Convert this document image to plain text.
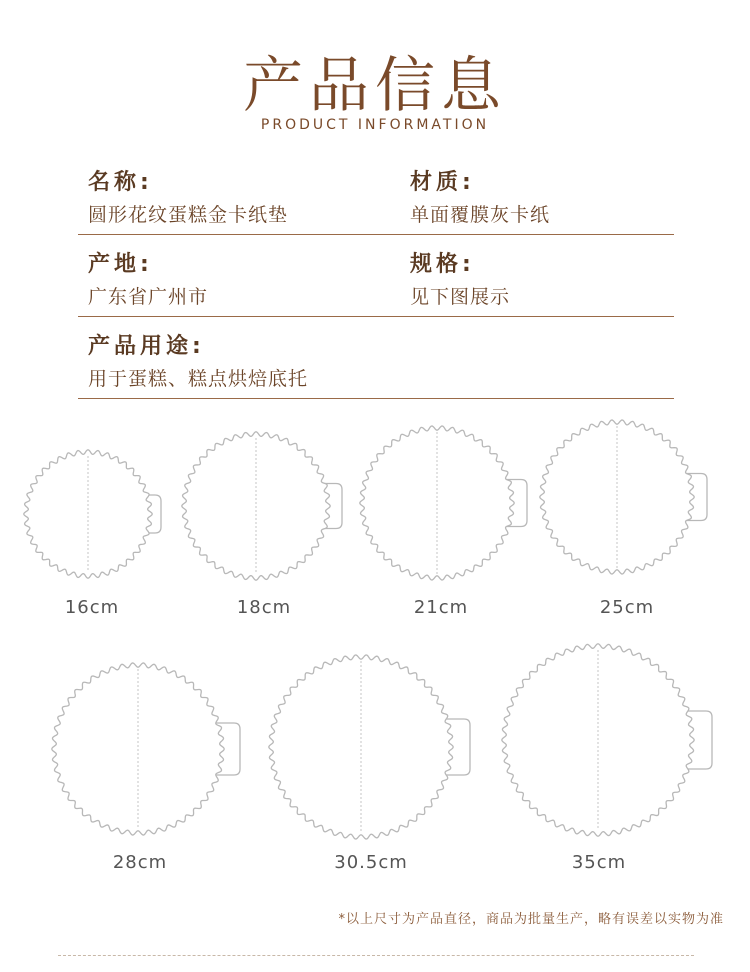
产品信息
PRODUCT INFORMATION
名称:
圆形花纹蛋糕金卡纸垫
材质:
单面覆膜灰卡纸
产地:
广东省广州市
规格:
见下图展示
产品用途:
用于蛋糕、糕点烘焙底托
16cm	18cm	21cm	25cm
28cm	30.5cm	35cm
*以上尺寸为产品直径，商品为批量生产，略有误差以实物为准
